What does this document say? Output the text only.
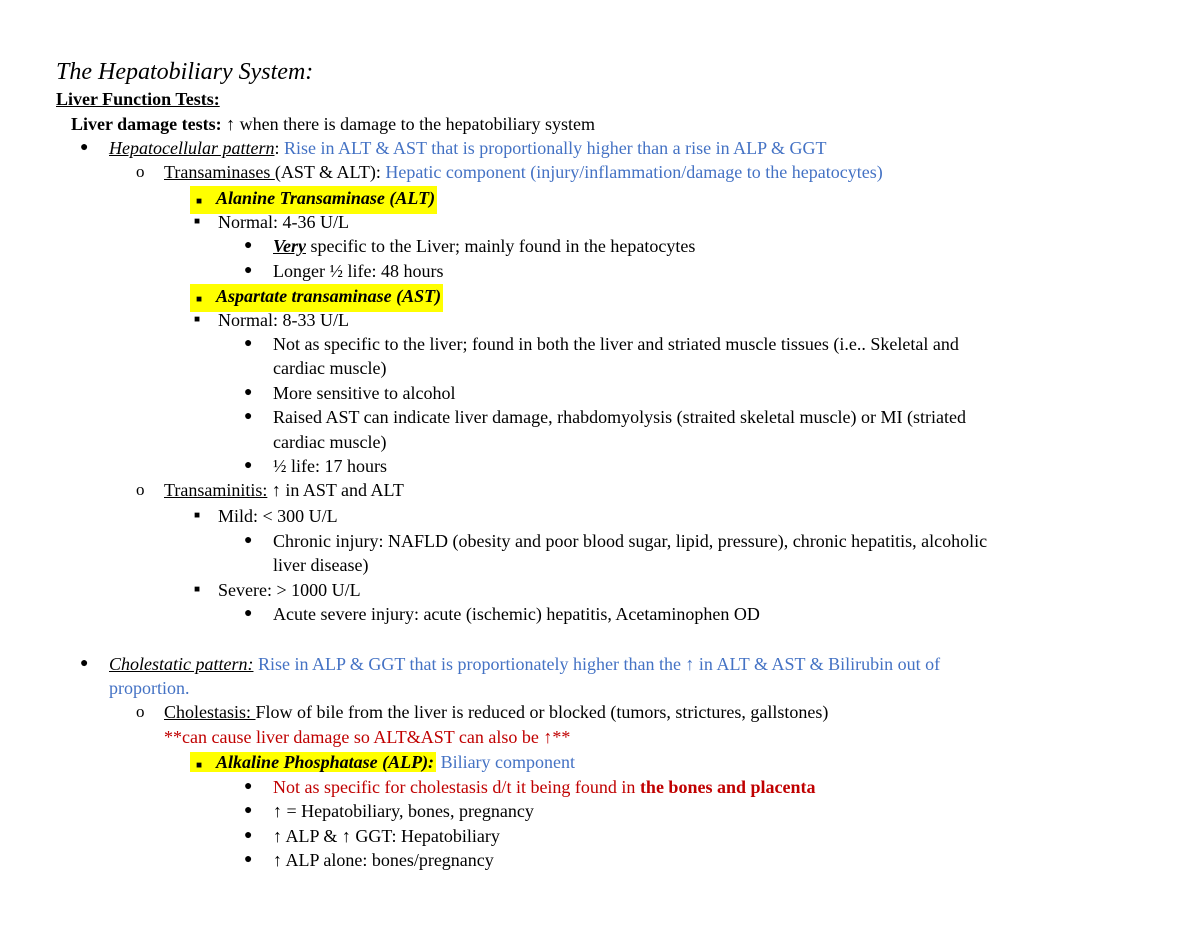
The Hepatobiliary System:
Liver Function Tests:
Liver damage tests: ↑ when there is damage to the hepatobiliary system
● Hepatocellular pattern: Rise in ALT & AST that is proportionally higher than a rise in ALP & GGT
o Transaminases (AST & ALT): Hepatic component (injury/inflammation/damage to the hepatocytes)
■ Alanine Transaminase (ALT)
■ Normal: 4-36 U/L
● Very specific to the Liver; mainly found in the hepatocytes
● Longer ½ life: 48 hours
■ Aspartate transaminase (AST)
■ Normal: 8-33 U/L
● Not as specific to the liver; found in both the liver and striated muscle tissues (i.e.. Skeletal and
cardiac muscle)
● More sensitive to alcohol
● Raised AST can indicate liver damage, rhabdomyolysis (straited skeletal muscle) or MI (striated
cardiac muscle)
● ½ life: 17 hours
o Transaminitis: ↑ in AST and ALT
■ Mild: < 300 U/L
● Chronic injury: NAFLD (obesity and poor blood sugar, lipid, pressure), chronic hepatitis, alcoholic
liver disease)
■ Severe: > 1000 U/L
● Acute severe injury: acute (ischemic) hepatitis, Acetaminophen OD
● Cholestatic pattern: Rise in ALP & GGT that is proportionately higher than the ↑ in ALT & AST & Bilirubin out of
proportion.
o Cholestasis: Flow of bile from the liver is reduced or blocked (tumors, strictures, gallstones)
**can cause liver damage so ALT&AST can also be ↑**
■ Alkaline Phosphatase (ALP): Biliary component
● Not as specific for cholestasis d/t it being found in the bones and placenta
● ↑ = Hepatobiliary, bones, pregnancy
● ↑ ALP & ↑ GGT: Hepatobiliary
● ↑ ALP alone: bones/pregnancy
